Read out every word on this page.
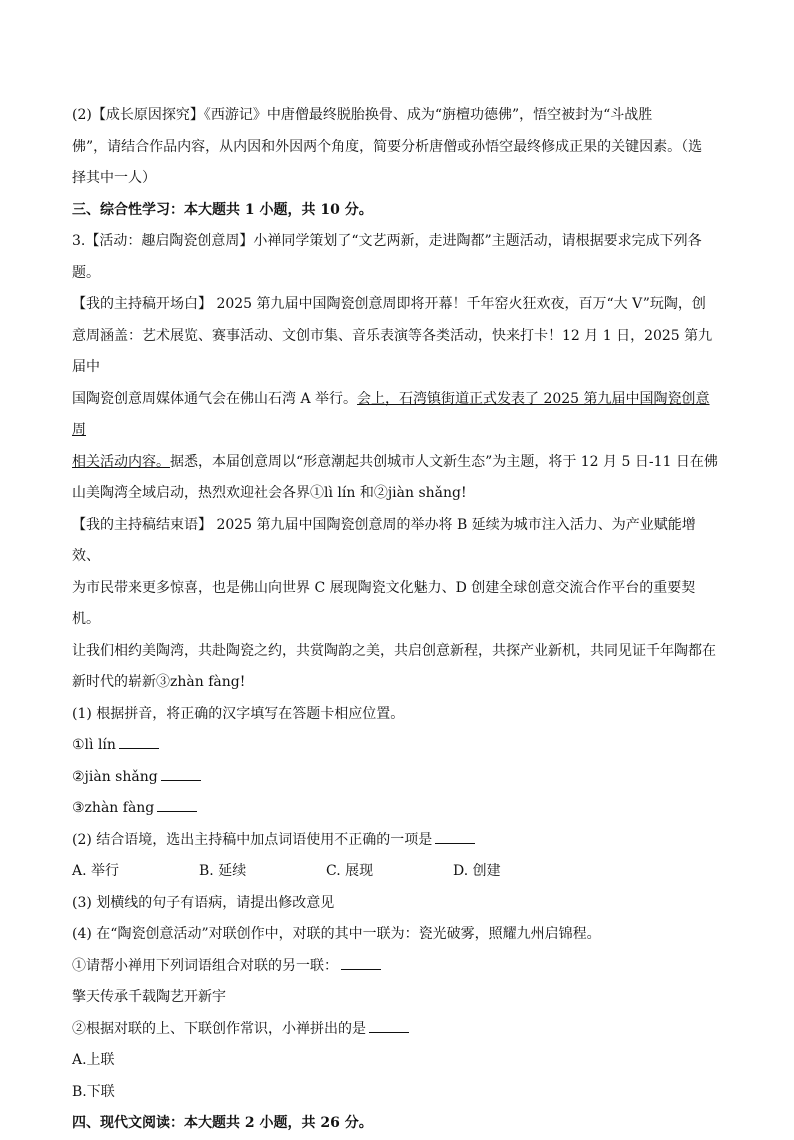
(2)【成长原因探究】《西游记》中唐僧最终脱胎换骨、成为“旃檀功德佛”，悟空被封为“斗战胜

佛”，请结合作品内容，从内因和外因两个角度，简要分析唐僧或孙悟空最终修成正果的关键因素。（选

择其中一人）

三、综合性学习：本大题共 1 小题，共 10 分。

3.【活动：趣启陶瓷创意周】小禅同学策划了“文艺两新，走进陶都”主题活动，请根据要求完成下列各

题。

【我的主持稿开场白】 2025 第九届中国陶瓷创意周即将开幕！千年窑火狂欢夜，百万“大 V”玩陶，创

意周涵盖：艺术展览、赛事活动、文创市集、音乐表演等各类活动，快来打卡！12 月 1 日，2025 第九届中

国陶瓷创意周媒体通气会在佛山石湾 A 举行。会上，石湾镇街道正式发表了 2025 第九届中国陶瓷创意周

相关活动内容。据悉，本届创意周以“形意潮起共创城市人文新生态”为主题，将于 12 月 5 日-11 日在佛

山美陶湾全域启动，热烈欢迎社会各界①lì lín 和②jiàn shǎng!

【我的主持稿结束语】 2025 第九届中国陶瓷创意周的举办将 B 延续为城市注入活力、为产业赋能增效、

为市民带来更多惊喜，也是佛山向世界 C 展现陶瓷文化魅力、D 创建全球创意交流合作平台的重要契机。

让我们相约美陶湾，共赴陶瓷之约，共赏陶韵之美，共启创意新程，共探产业新机，共同见证千年陶都在

新时代的崭新③zhàn fàng!

(1) 根据拼音，将正确的汉字填写在答题卡相应位置。

①lì lín

②jiàn shǎng

③zhàn fàng

(2) 结合语境，选出主持稿中加点词语使用不正确的一项是

A. 举行	B. 延续	C. 展现	D. 创建

(3) 划横线的句子有语病，请提出修改意见

(4) 在“陶瓷创意活动”对联创作中，对联的其中一联为：瓷光破雾，照耀九州启锦程。

①请帮小禅用下列词语组合对联的另一联：

擎天传承千载陶艺开新宇

②根据对联的上、下联创作常识，小禅拼出的是

A.上联

B.下联

四、现代文阅读：本大题共 2 小题，共 26 分。
